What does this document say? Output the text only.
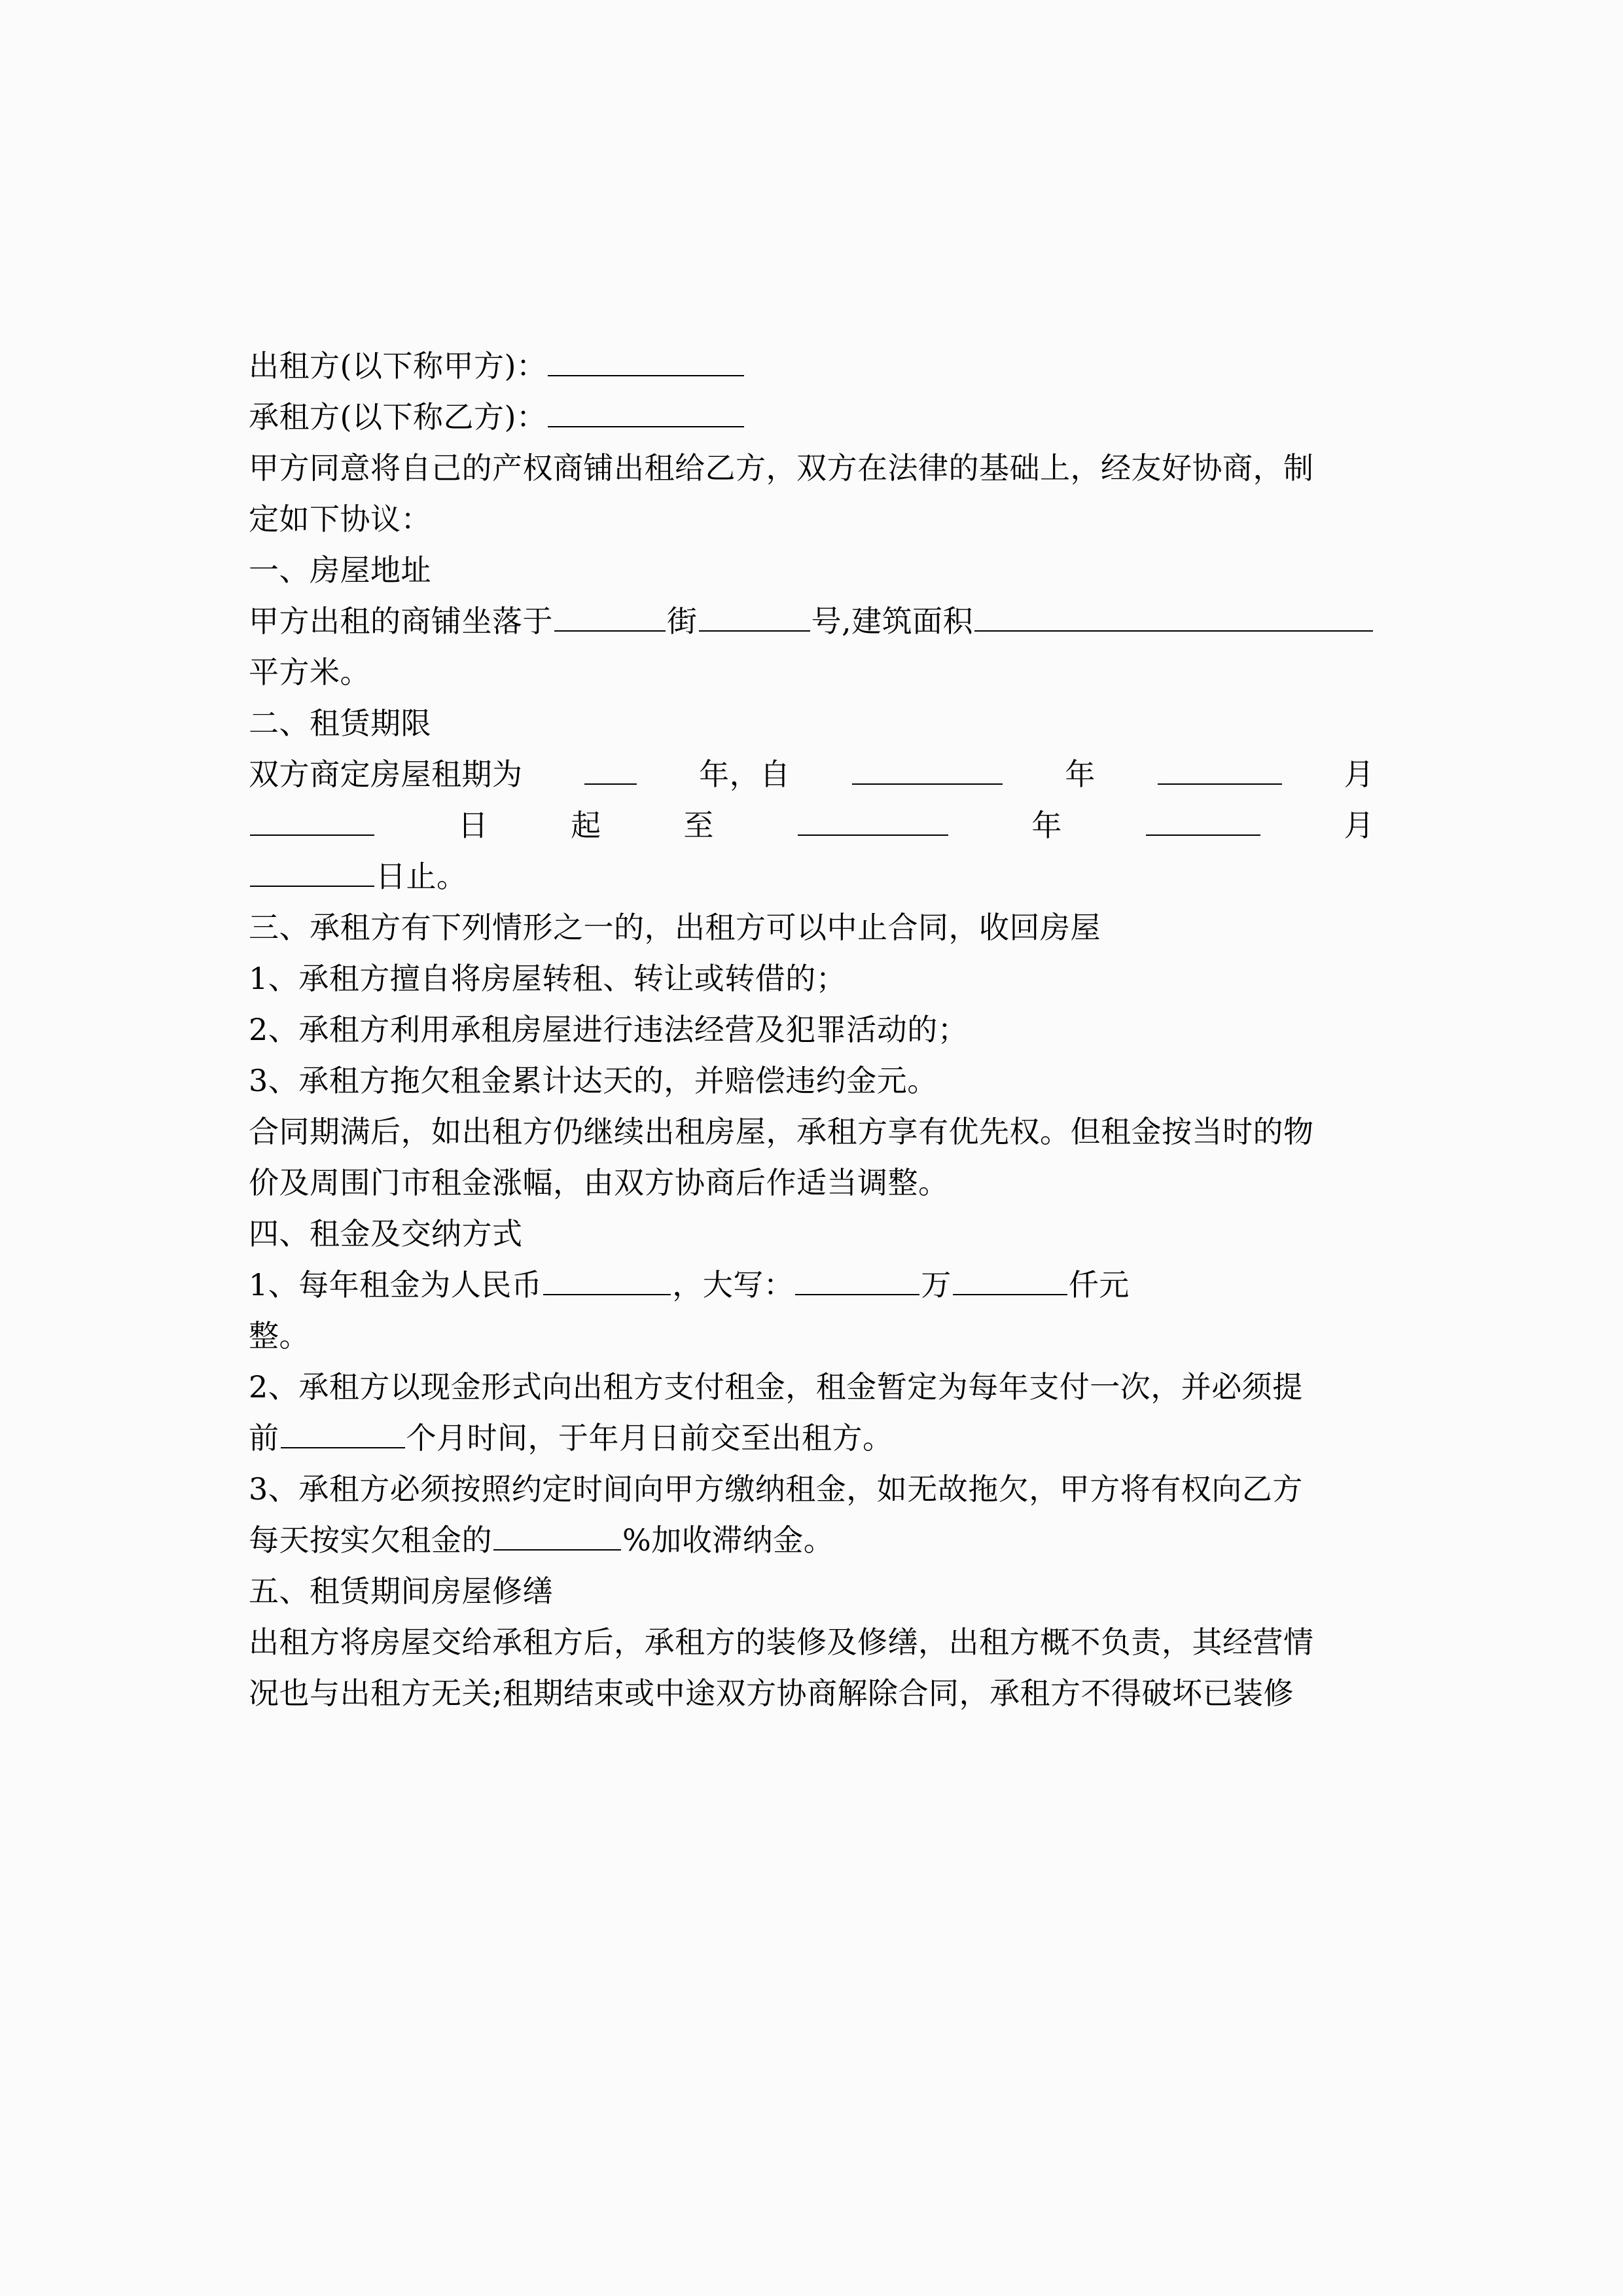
出租方(以下称甲方)：
承租方(以下称乙方)：
甲方同意将自己的产权商铺出租给乙方，双方在法律的基础上，经友好协商，制
定如下协议：
一、房屋地址
甲方出租的商铺坐落于	街	号,建筑面积
平方米。
二、租赁期限
双方商定房屋租期为	年，自	年	月
日	起	至	年	月
日止。
三、承租方有下列情形之一的，出租方可以中止合同，收回房屋
1、承租方擅自将房屋转租、转让或转借的；
2、承租方利用承租房屋进行违法经营及犯罪活动的；
3、承租方拖欠租金累计达天的，并赔偿违约金元。
合同期满后，如出租方仍继续出租房屋，承租方享有优先权。但租金按当时的物
价及周围门市租金涨幅，由双方协商后作适当调整。
四、租金及交纳方式
1、每年租金为人民币	，大写：	万	仟元
整。
2、承租方以现金形式向出租方支付租金，租金暂定为每年支付一次，并必须提
前	个月时间，于年月日前交至出租方。
3、承租方必须按照约定时间向甲方缴纳租金，如无故拖欠，甲方将有权向乙方
每天按实欠租金的	%加收滞纳金。
五、租赁期间房屋修缮
出租方将房屋交给承租方后，承租方的装修及修缮，出租方概不负责，其经营情
况也与出租方无关;租期结束或中途双方协商解除合同，承租方不得破坏已装修
